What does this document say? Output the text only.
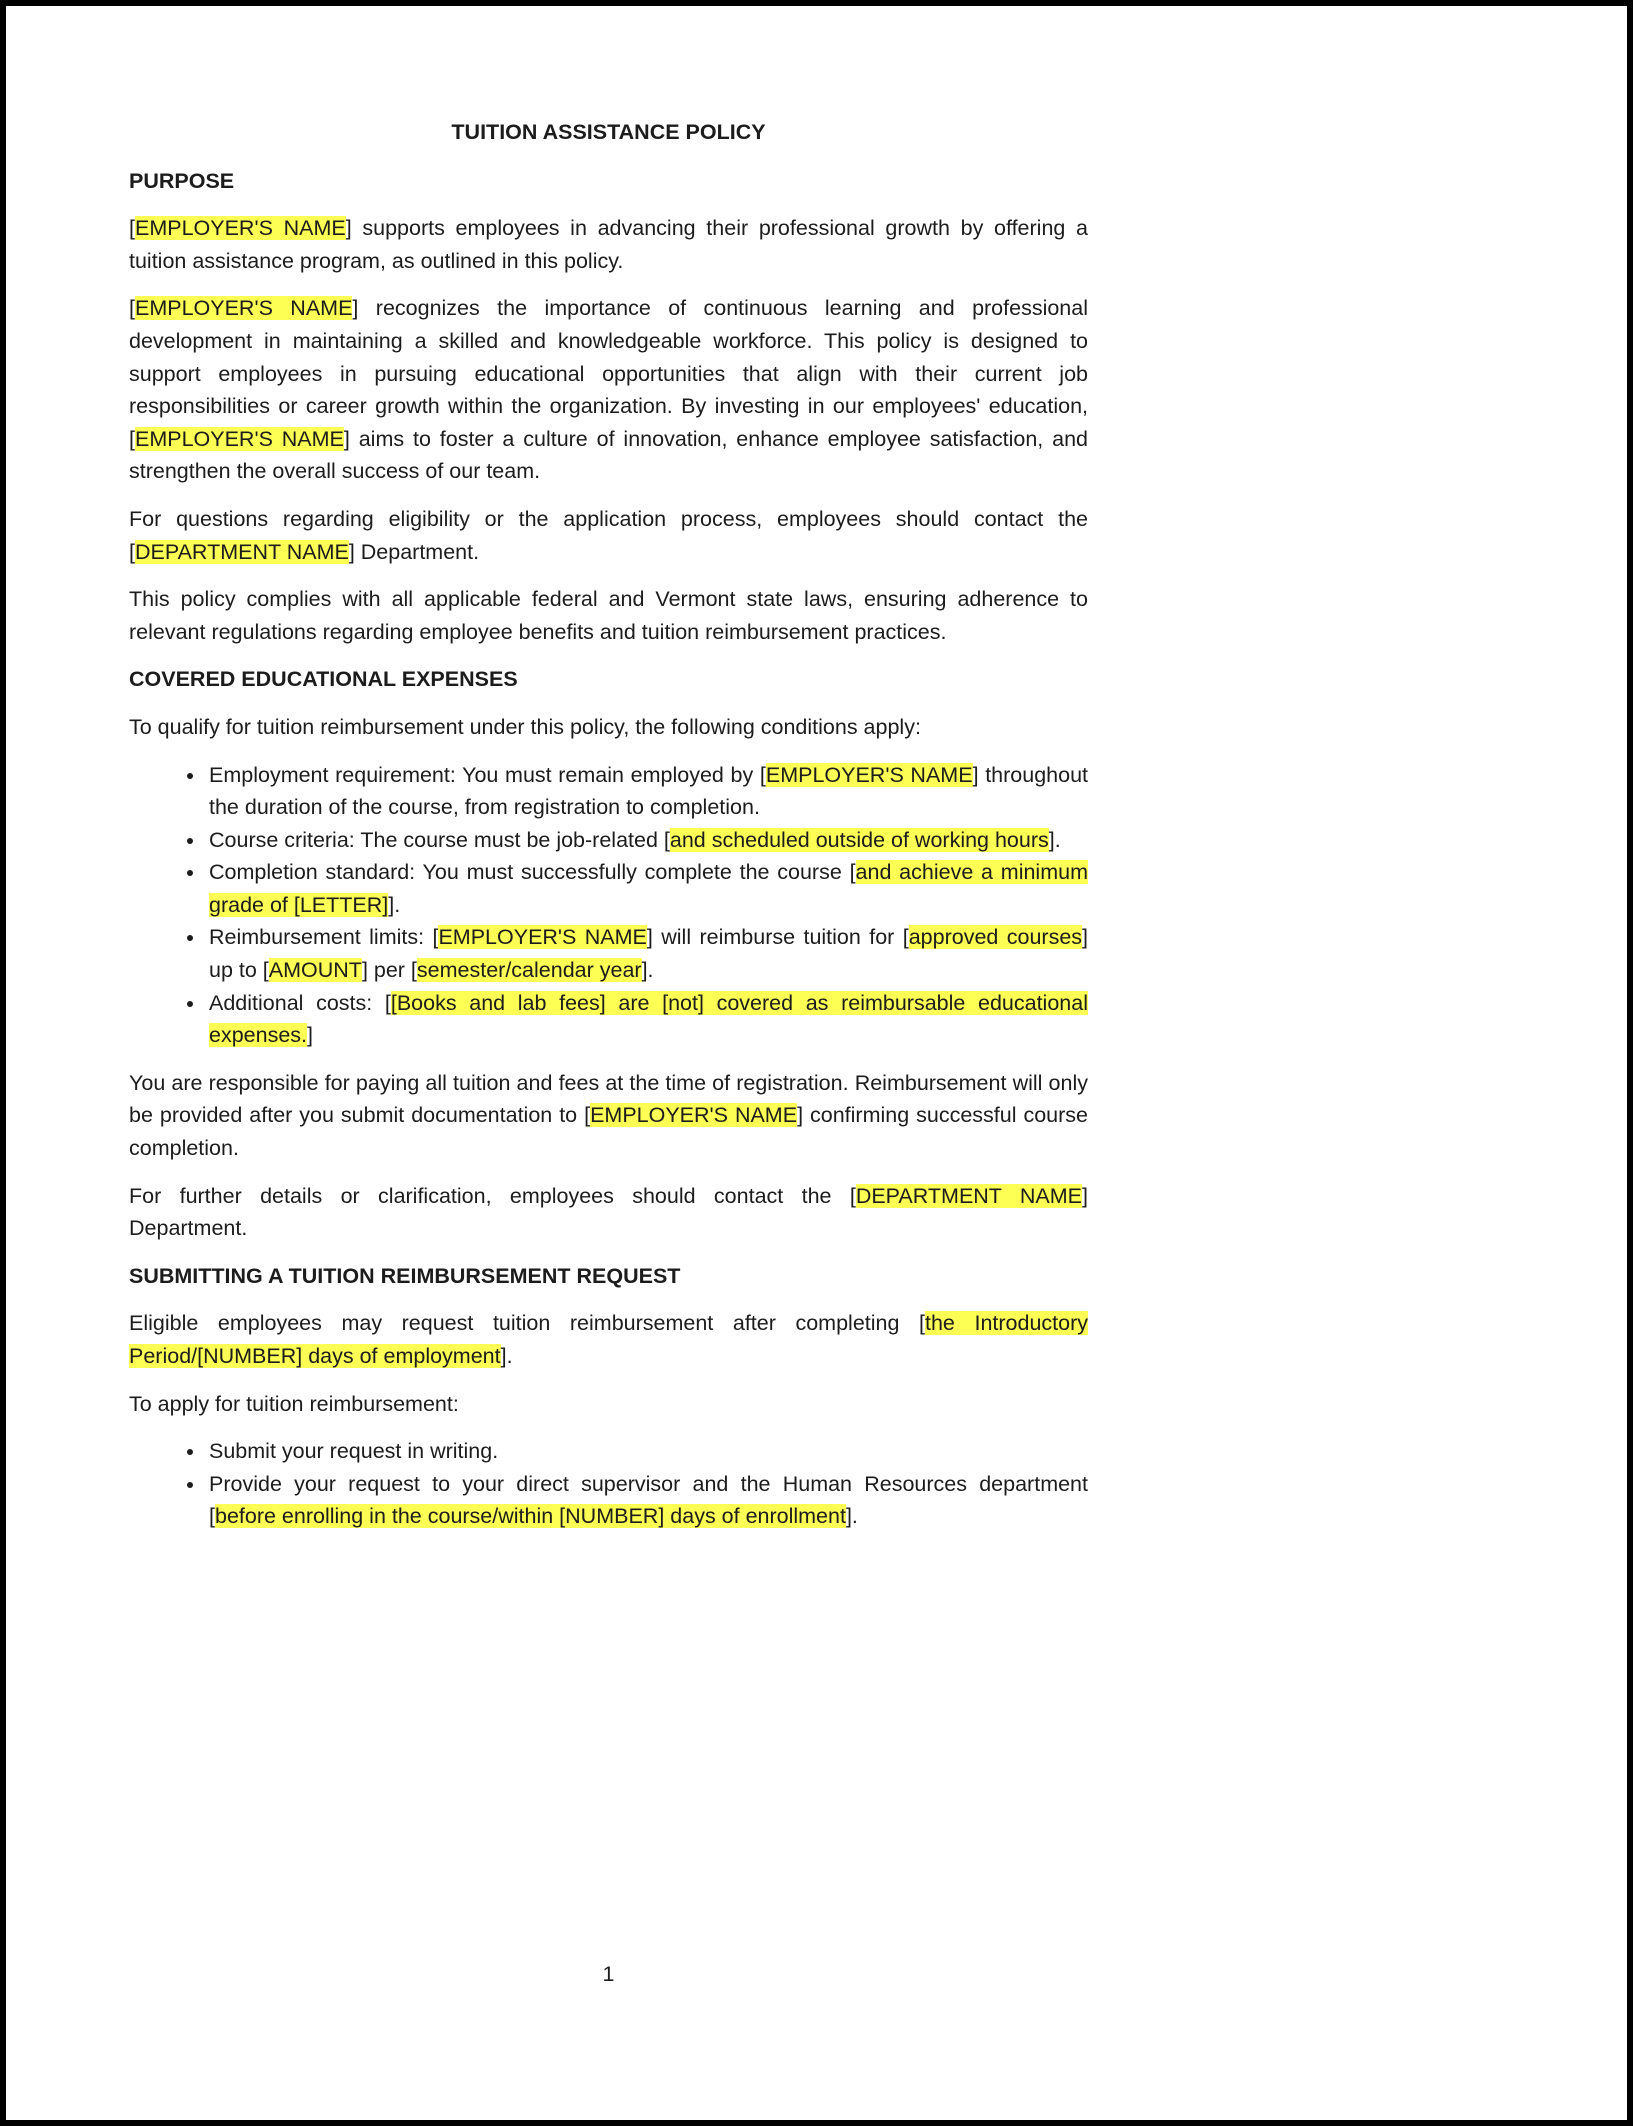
TUITION ASSISTANCE POLICY
PURPOSE

[EMPLOYER'S NAME] supports employees in advancing their professional growth by offering a tuition assistance program, as outlined in this policy.

[EMPLOYER'S NAME] recognizes the importance of continuous learning and professional development in maintaining a skilled and knowledgeable workforce. This policy is designed to support employees in pursuing educational opportunities that align with their current job responsibilities or career growth within the organization. By investing in our employees' education, [EMPLOYER'S NAME] aims to foster a culture of innovation, enhance employee satisfaction, and strengthen the overall success of our team.

For questions regarding eligibility or the application process, employees should contact the [DEPARTMENT NAME] Department.

This policy complies with all applicable federal and Vermont state laws, ensuring adherence to relevant regulations regarding employee benefits and tuition reimbursement practices.

COVERED EDUCATIONAL EXPENSES

To qualify for tuition reimbursement under this policy, the following conditions apply:

• Employment requirement: You must remain employed by [EMPLOYER'S NAME] throughout the duration of the course, from registration to completion.
• Course criteria: The course must be job-related [and scheduled outside of working hours].
• Completion standard: You must successfully complete the course [and achieve a minimum grade of [LETTER]].
• Reimbursement limits: [EMPLOYER'S NAME] will reimburse tuition for [approved courses] up to [AMOUNT] per [semester/calendar year].
• Additional costs: [[Books and lab fees] are [not] covered as reimbursable educational expenses.]

You are responsible for paying all tuition and fees at the time of registration. Reimbursement will only be provided after you submit documentation to [EMPLOYER'S NAME] confirming successful course completion.

For further details or clarification, employees should contact the [DEPARTMENT NAME] Department.

SUBMITTING A TUITION REIMBURSEMENT REQUEST

Eligible employees may request tuition reimbursement after completing [the Introductory Period/[NUMBER] days of employment].

To apply for tuition reimbursement:

• Submit your request in writing.
• Provide your request to your direct supervisor and the Human Resources department [before enrolling in the course/within [NUMBER] days of enrollment].
1
